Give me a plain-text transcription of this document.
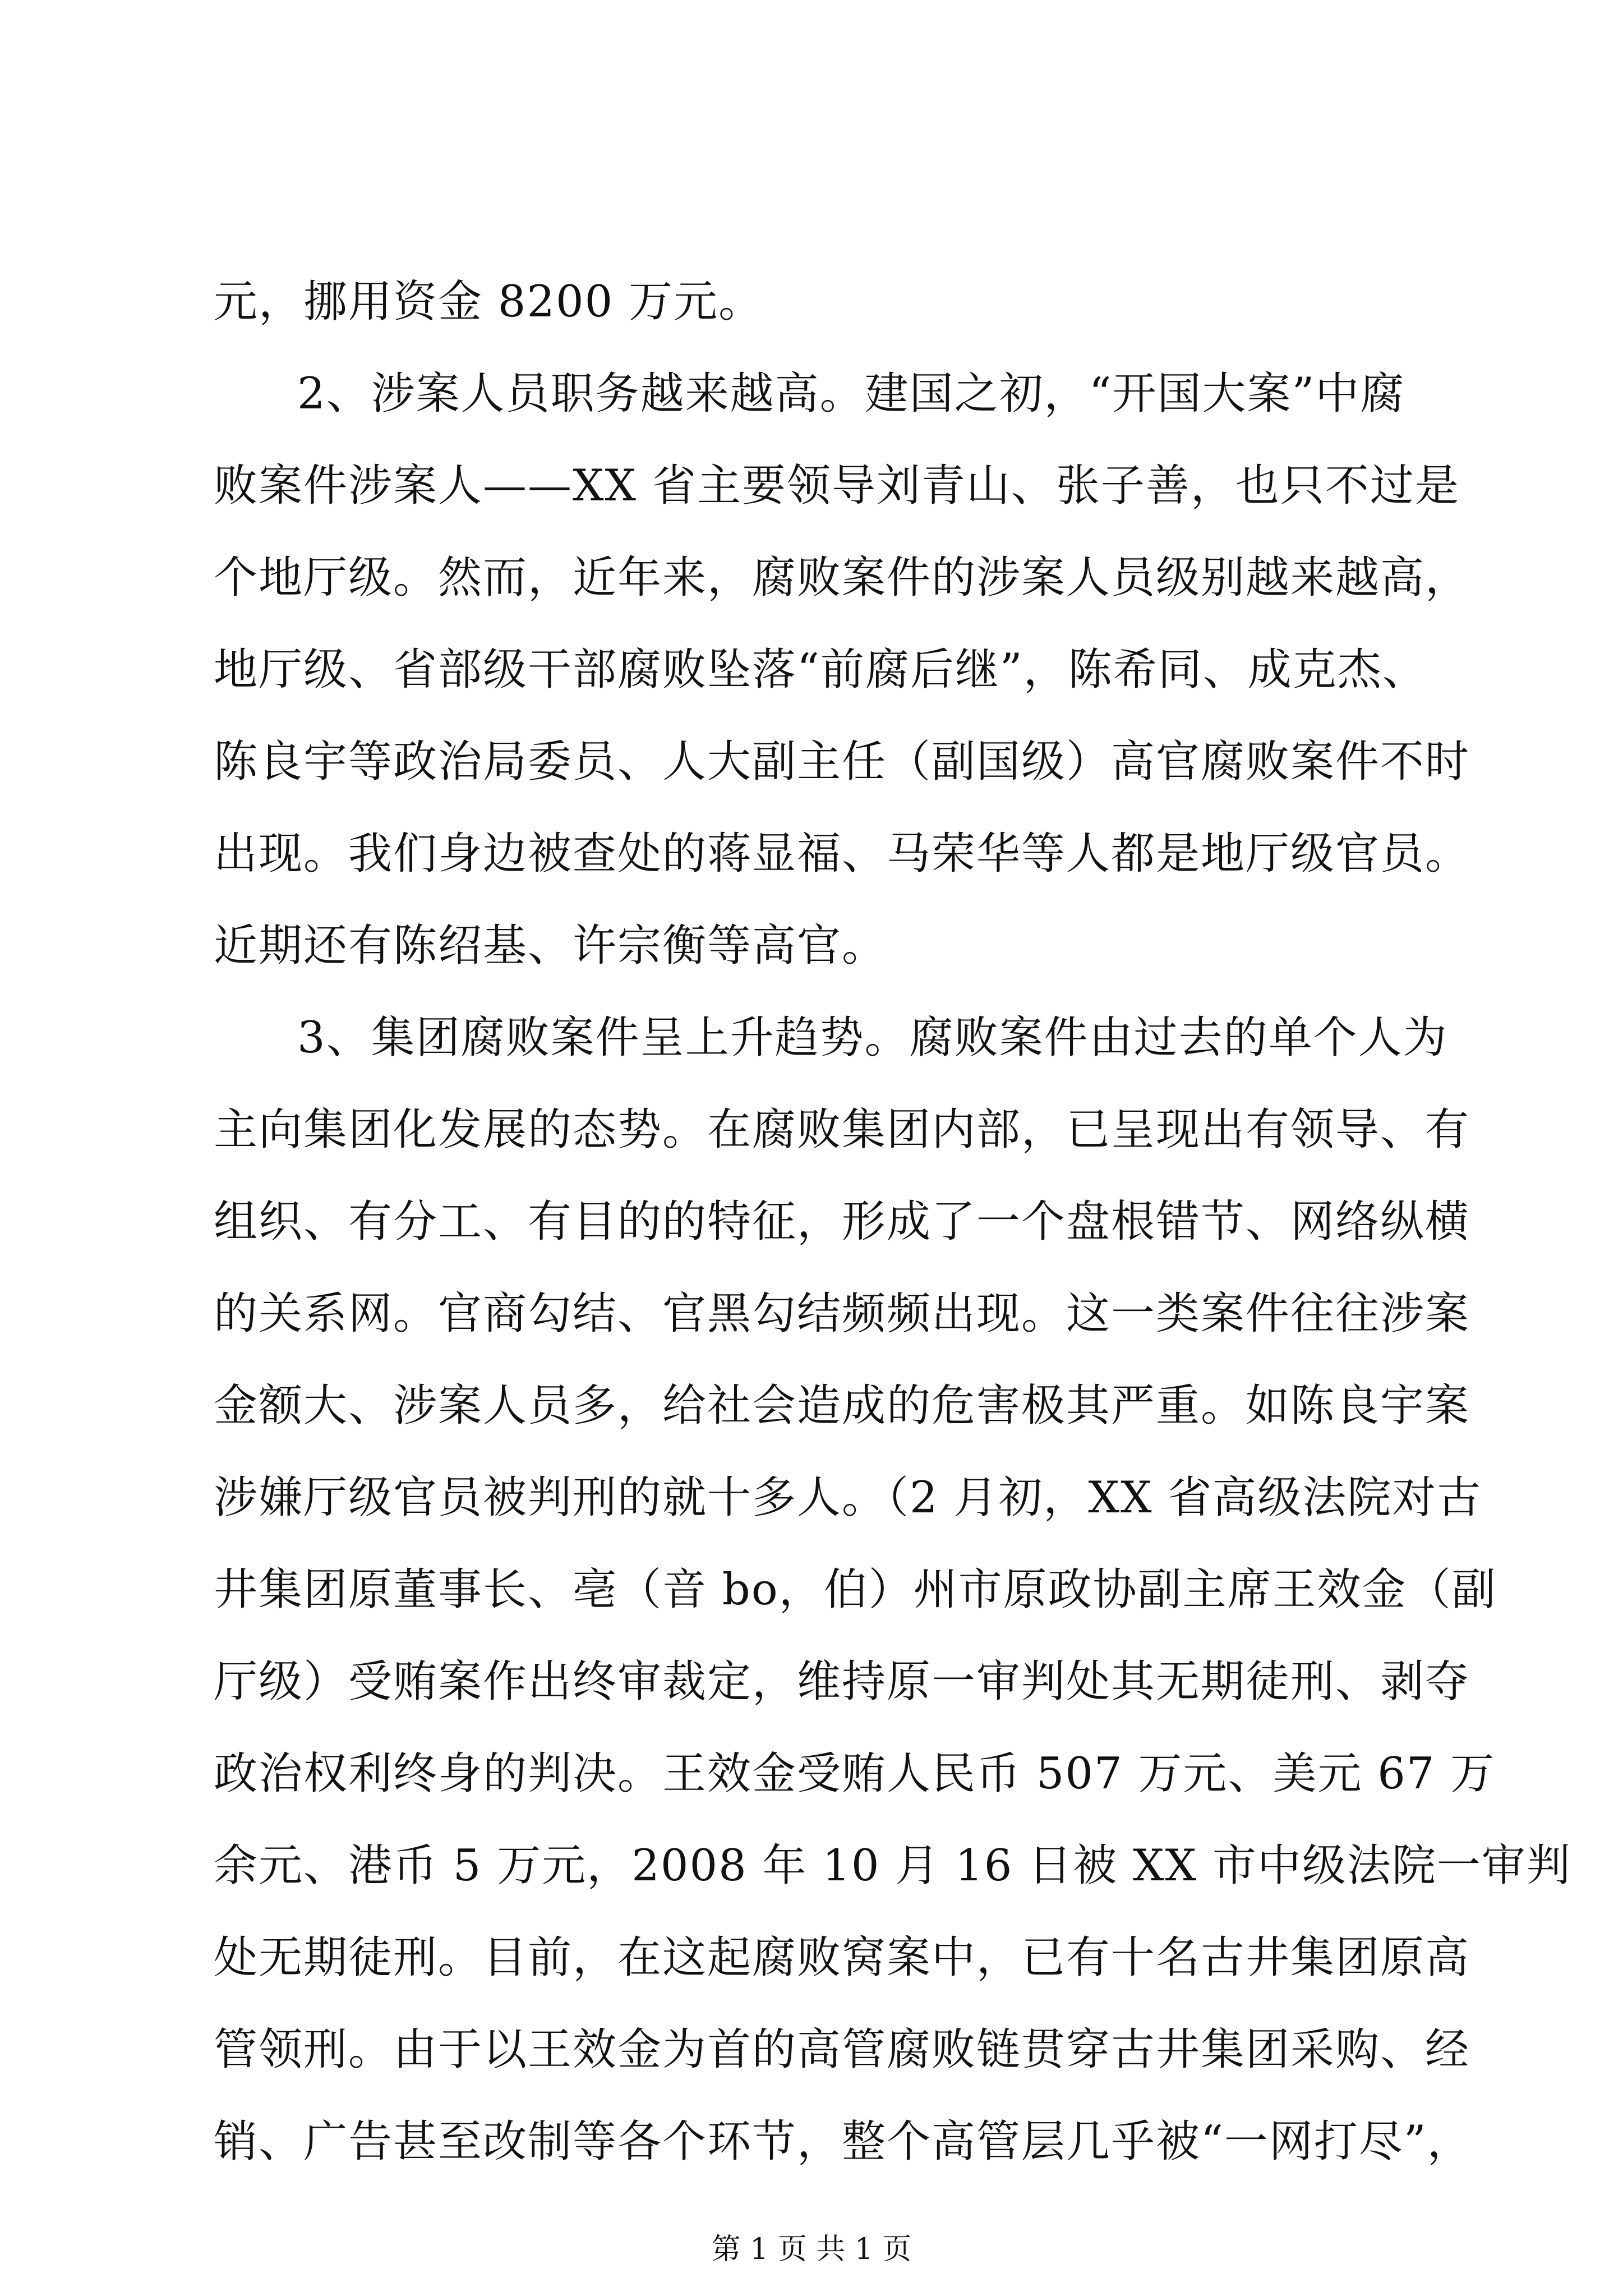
元，挪用资金 8200 万元。
2、涉案人员职务越来越高。建国之初，“开国大案”中腐
败案件涉案人——XX 省主要领导刘青山、张子善，也只不过是
个地厅级。然而，近年来，腐败案件的涉案人员级别越来越高，
地厅级、省部级干部腐败坠落“前腐后继”，陈希同、成克杰、
陈良宇等政治局委员、人大副主任（副国级）高官腐败案件不时
出现。我们身边被查处的蒋显福、马荣华等人都是地厅级官员。
近期还有陈绍基、许宗衡等高官。
3、集团腐败案件呈上升趋势。腐败案件由过去的单个人为
主向集团化发展的态势。在腐败集团内部，已呈现出有领导、有
组织、有分工、有目的的特征，形成了一个盘根错节、网络纵横
的关系网。官商勾结、官黑勾结频频出现。这一类案件往往涉案
金额大、涉案人员多，给社会造成的危害极其严重。如陈良宇案
涉嫌厅级官员被判刑的就十多人。（2 月初，XX 省高级法院对古
井集团原董事长、亳（音 bo，伯）州市原政协副主席王效金（副
厅级）受贿案作出终审裁定，维持原一审判处其无期徒刑、剥夺
政治权利终身的判决。王效金受贿人民币 507 万元、美元 67 万
余元、港币 5 万元，2008 年 10 月 16 日被 XX 市中级法院一审判
处无期徒刑。目前，在这起腐败窝案中，已有十名古井集团原高
管领刑。由于以王效金为首的高管腐败链贯穿古井集团采购、经
销、广告甚至改制等各个环节，整个高管层几乎被“一网打尽”，
第 1 页 共 1 页
